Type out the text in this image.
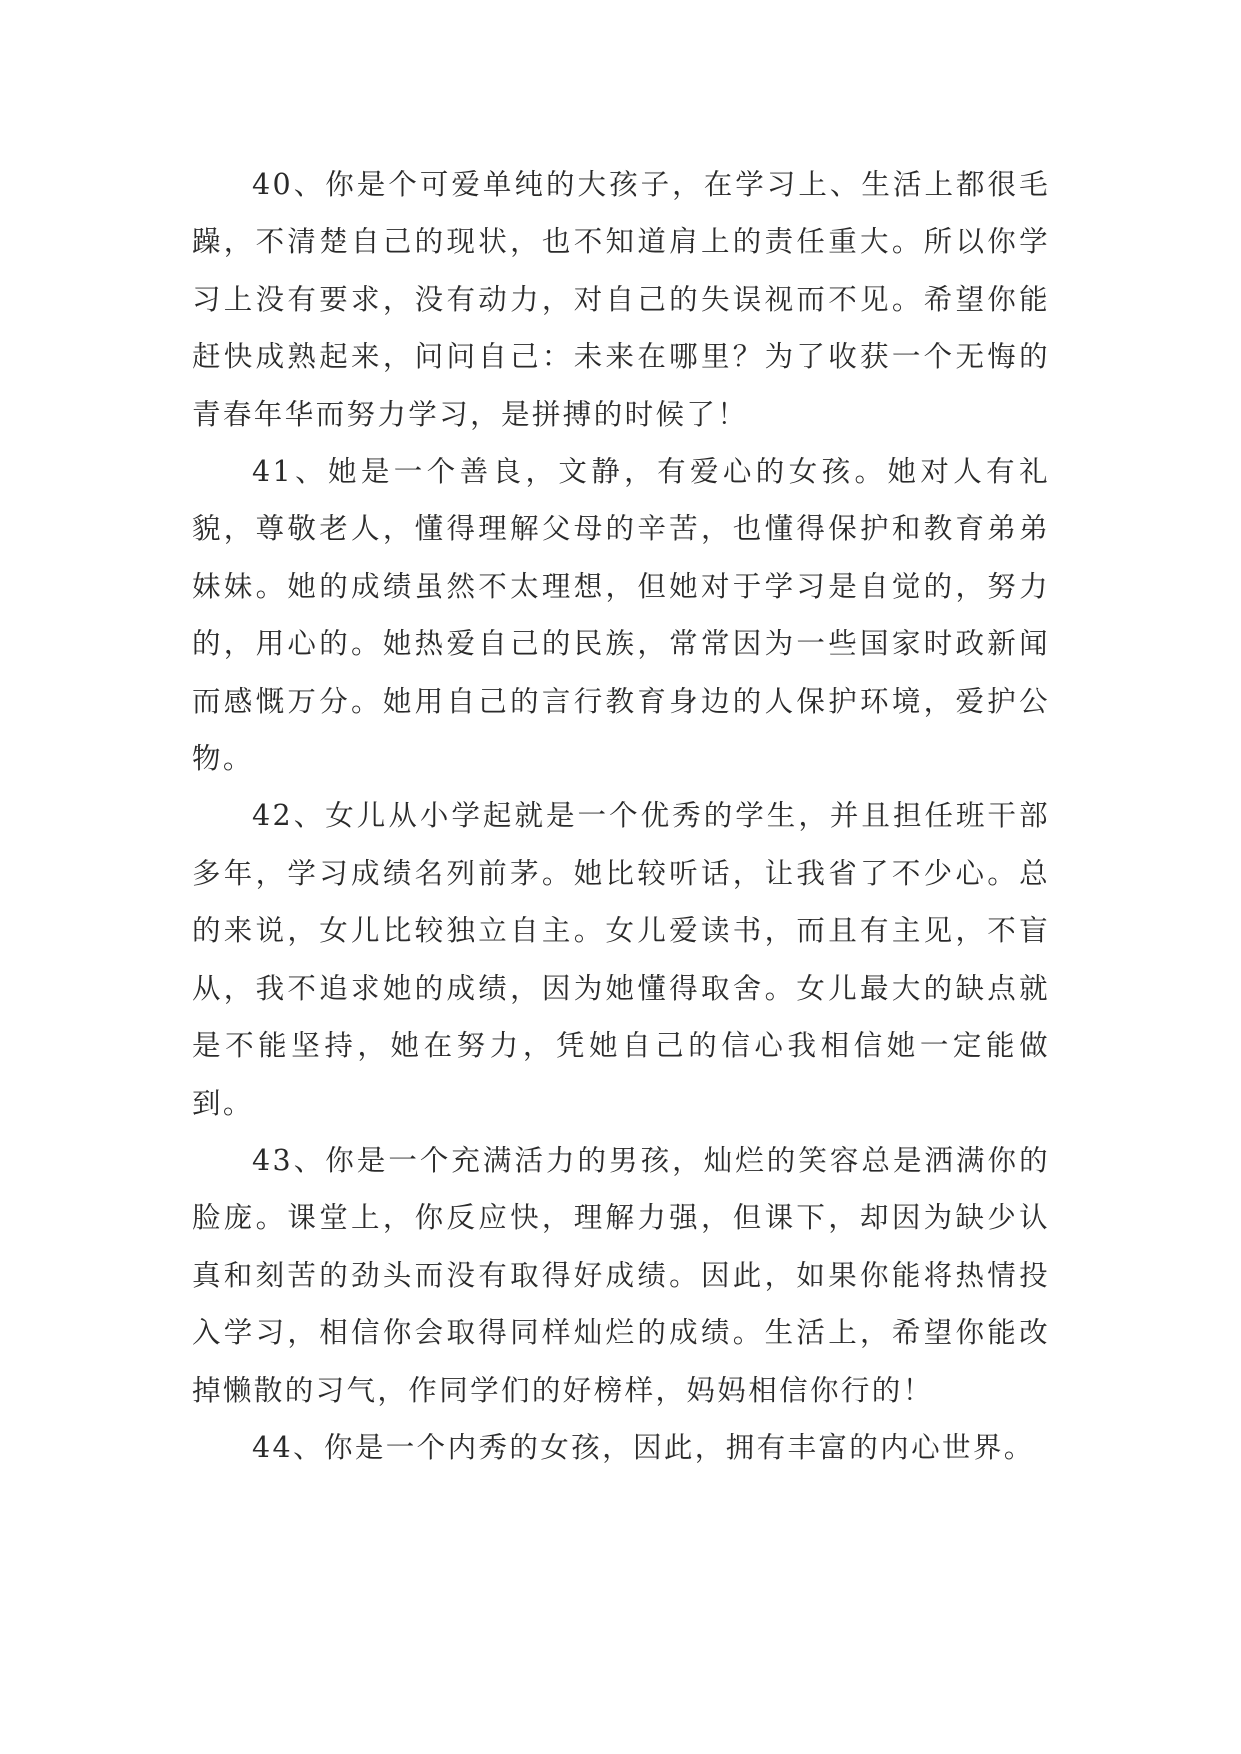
40、你是个可爱单纯的大孩子，在学习上、生活上都很毛躁，不清楚自己的现状，也不知道肩上的责任重大。所以你学习上没有要求，没有动力，对自己的失误视而不见。希望你能赶快成熟起来，问问自己：未来在哪里？为了收获一个无悔的青春年华而努力学习，是拼搏的时候了！

41、她是一个善良，文静，有爱心的女孩。她对人有礼貌，尊敬老人，懂得理解父母的辛苦，也懂得保护和教育弟弟妹妹。她的成绩虽然不太理想，但她对于学习是自觉的，努力的，用心的。她热爱自己的民族，常常因为一些国家时政新闻而感慨万分。她用自己的言行教育身边的人保护环境，爱护公物。

42、女儿从小学起就是一个优秀的学生，并且担任班干部多年，学习成绩名列前茅。她比较听话，让我省了不少心。总的来说，女儿比较独立自主。女儿爱读书，而且有主见，不盲从，我不追求她的成绩，因为她懂得取舍。女儿最大的缺点就是不能坚持，她在努力，凭她自己的信心我相信她一定能做到。

43、你是一个充满活力的男孩，灿烂的笑容总是洒满你的脸庞。课堂上，你反应快，理解力强，但课下，却因为缺少认真和刻苦的劲头而没有取得好成绩。因此，如果你能将热情投入学习，相信你会取得同样灿烂的成绩。生活上，希望你能改掉懒散的习气，作同学们的好榜样，妈妈相信你行的！

44、你是一个内秀的女孩，因此，拥有丰富的内心世界。
